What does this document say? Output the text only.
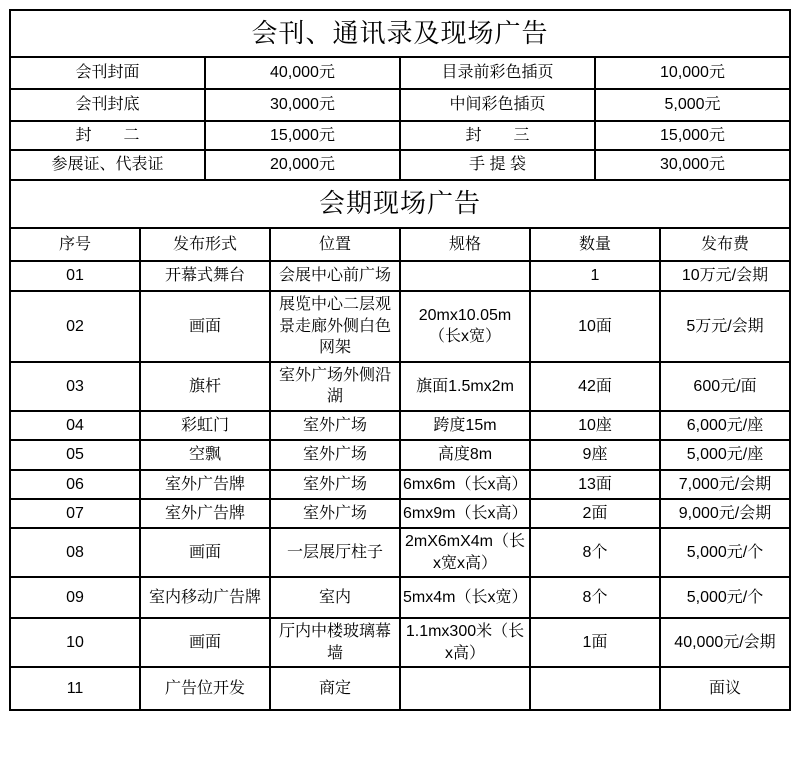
会刊、通讯录及现场广告			
会刊封面	40,000元	目录前彩色插页	10,000元
会刊封底	30,000元	中间彩色插页	5,000元
封　　二	15,000元	封　　三	15,000元
参展证、代表证	20,000元	手 提 袋	30,000元
会期现场广告					
序号	发布形式	位置	规格	数量	发布费
01	开幕式舞台	会展中心前广场		1	10万元/会期
02	画面	展览中心二层观景走廊外侧白色网架	20mx10.05m（长x宽）	10面	5万元/会期
03	旗杆	室外广场外侧沿湖	旗面1.5mx2m	42面	600元/面
04	彩虹门	室外广场	跨度15m	10座	6,000元/座
05	空飘	室外广场	高度8m	9座	5,000元/座
06	室外广告牌	室外广场	6mx6m（长x高）	13面	7,000元/会期
07	室外广告牌	室外广场	6mx9m（长x高）	2面	9,000元/会期
08	画面	一层展厅柱子	2mX6mX4m（长x宽x高）	8个	5,000元/个
09	室内移动广告牌	室内	5mx4m（长x宽）	8个	5,000元/个
10	画面	厅内中楼玻璃幕墙	1.1mx300米（长x高）	1面	40,000元/会期
11	广告位开发	商定			面议
